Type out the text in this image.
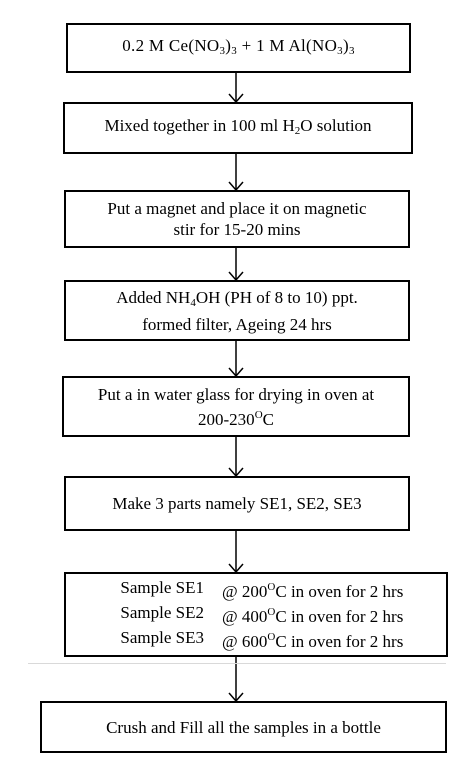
0.2 M $Ce(NO_3)_3 + 1$ M $Al(NO_3)_3$
Mixed together in 100 ml $H_2O$ solution
Put a magnet and place it on magnetic
stir for 15-20 mins
Added $NH_4OH$ (PH of 8 to 10) ppt.
formed filter, Ageing 24 hrs
Put a in water glass for drying in oven at
$200-230^OC$
Make 3 parts namely SE1, SE2, SE3
Sample SE1	@ $200^OC$ in oven for 2 hrs
Sample SE2	@ $400^OC$ in oven for 2 hrs
Sample SE3	@ $600^OC$ in oven for 2 hrs
Crush and Fill all the samples in a bottle
